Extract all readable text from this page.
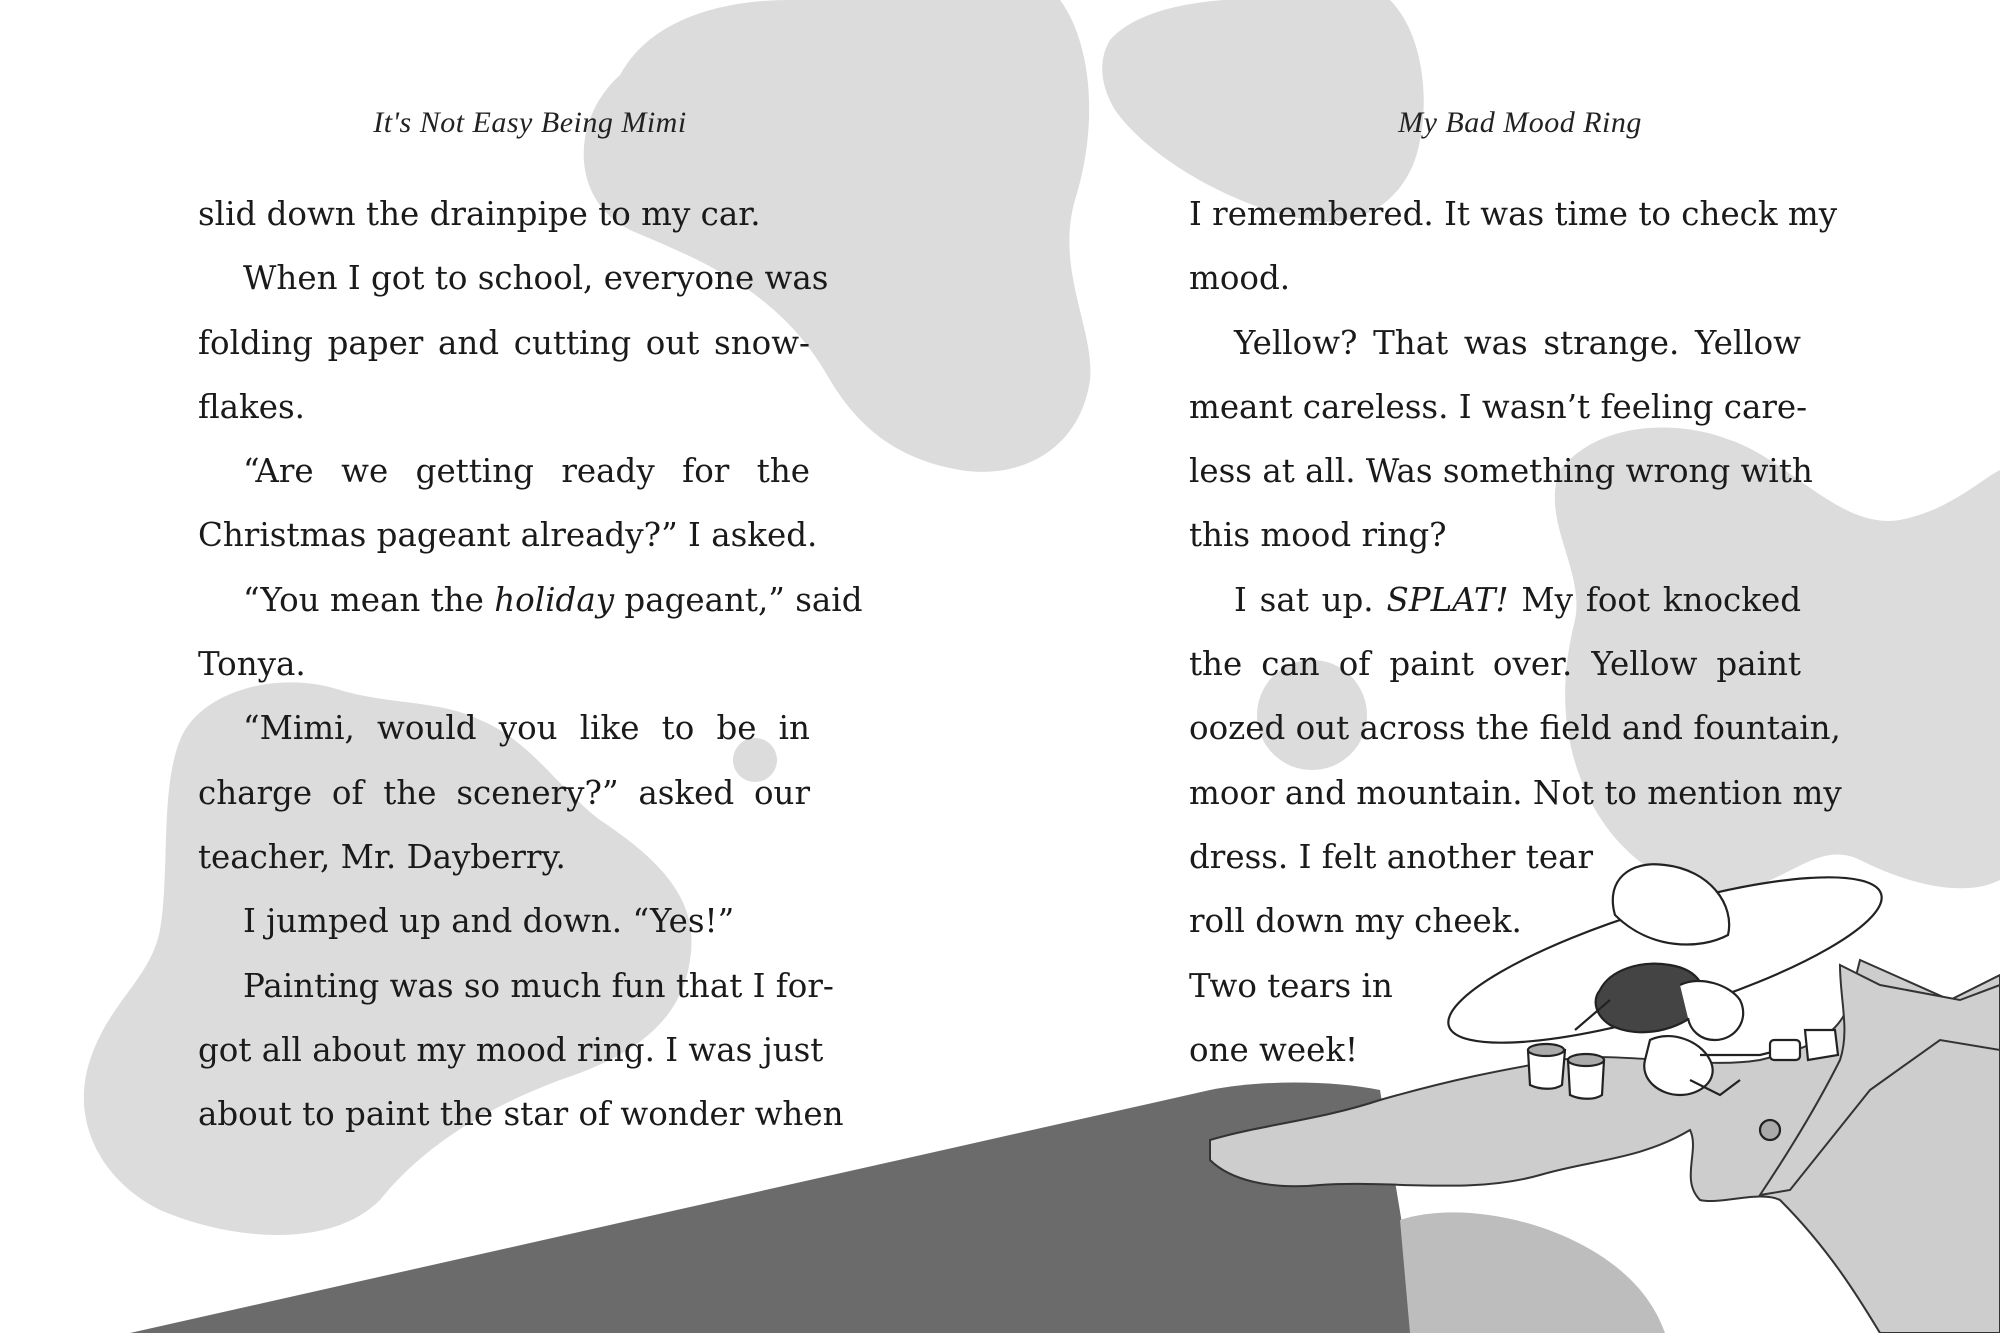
It's Not Easy Being Mimi	My Bad Mood Ring
slid down the drainpipe to my car.
When I got to school, everyone was
folding paper and cutting out snow-
flakes.
“Are we getting ready for the
Christmas pageant already?” I asked.
“You mean the holiday pageant,” said
Tonya.
“Mimi, would you like to be in
charge of the scenery?” asked our
teacher, Mr. Dayberry.
I jumped up and down. “Yes!”
Painting was so much fun that I for-
got all about my mood ring. I was just
about to paint the star of wonder when
I remembered. It was time to check my
mood.
Yellow? That was strange. Yellow
meant careless. I wasn’t feeling care-
less at all. Was something wrong with
this mood ring?
I sat up. SPLAT! My foot knocked
the can of paint over. Yellow paint
oozed out across the field and fountain,
moor and mountain. Not to mention my
dress. I felt another tear
roll down my cheek.
Two tears in
one week!
